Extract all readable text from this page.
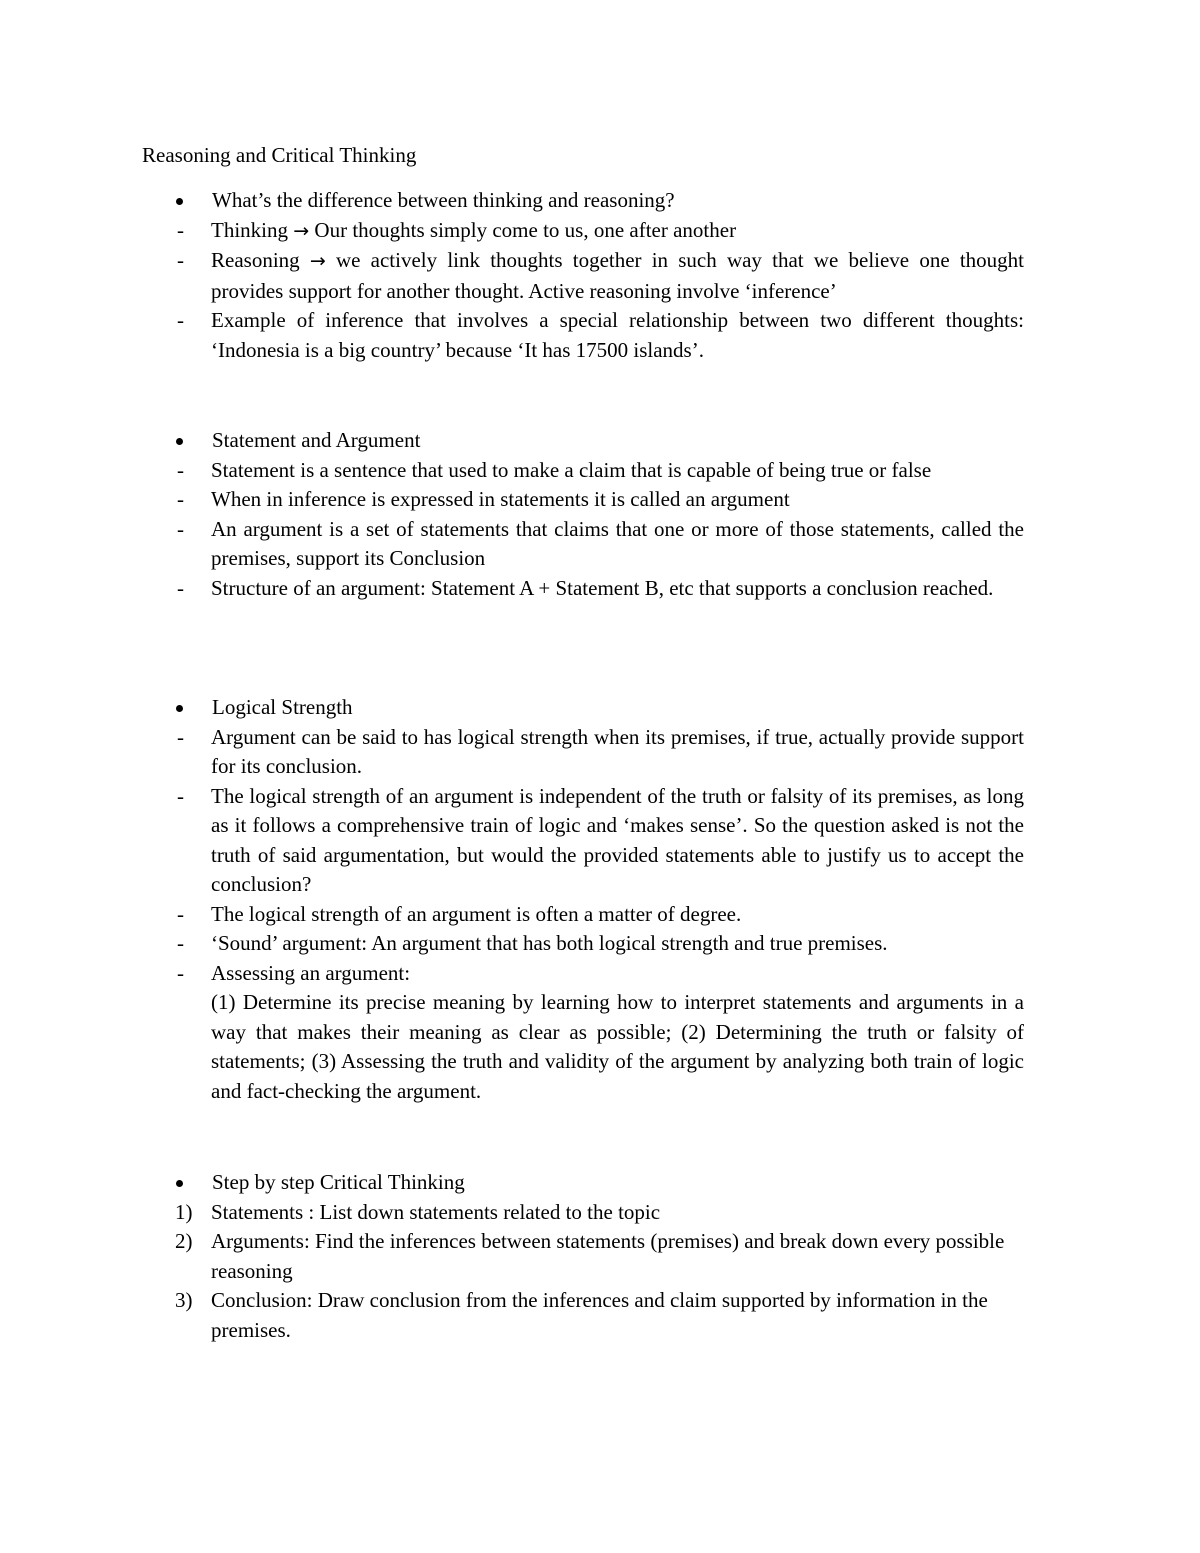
Reasoning and Critical Thinking
What’s the difference between thinking and reasoning?
- Thinking → Our thoughts simply come to us, one after another
- Reasoning → we actively link thoughts together in such way that we believe one thought provides support for another thought. Active reasoning involve ‘inference’
- Example of inference that involves a special relationship between two different thoughts: ‘Indonesia is a big country’ because ‘It has 17500 islands’.
Statement and Argument
- Statement is a sentence that used to make a claim that is capable of being true or false
- When in inference is expressed in statements it is called an argument
- An argument is a set of statements that claims that one or more of those statements, called the premises, support its Conclusion
- Structure of an argument: Statement A + Statement B, etc that supports a conclusion reached.
Logical Strength
- Argument can be said to has logical strength when its premises, if true, actually provide support for its conclusion.
- The logical strength of an argument is independent of the truth or falsity of its premises, as long as it follows a comprehensive train of logic and ‘makes sense’. So the question asked is not the truth of said argumentation, but would the provided statements able to justify us to accept the conclusion?
- The logical strength of an argument is often a matter of degree.
- ‘Sound’ argument: An argument that has both logical strength and true premises.
- Assessing an argument:
(1) Determine its precise meaning by learning how to interpret statements and arguments in a way that makes their meaning as clear as possible; (2) Determining the truth or falsity of statements; (3) Assessing the truth and validity of the argument by analyzing both train of logic and fact-checking the argument.
Step by step Critical Thinking
1) Statements : List down statements related to the topic
2) Arguments: Find the inferences between statements (premises) and break down every possible reasoning
3) Conclusion: Draw conclusion from the inferences and claim supported by information in the premises.
